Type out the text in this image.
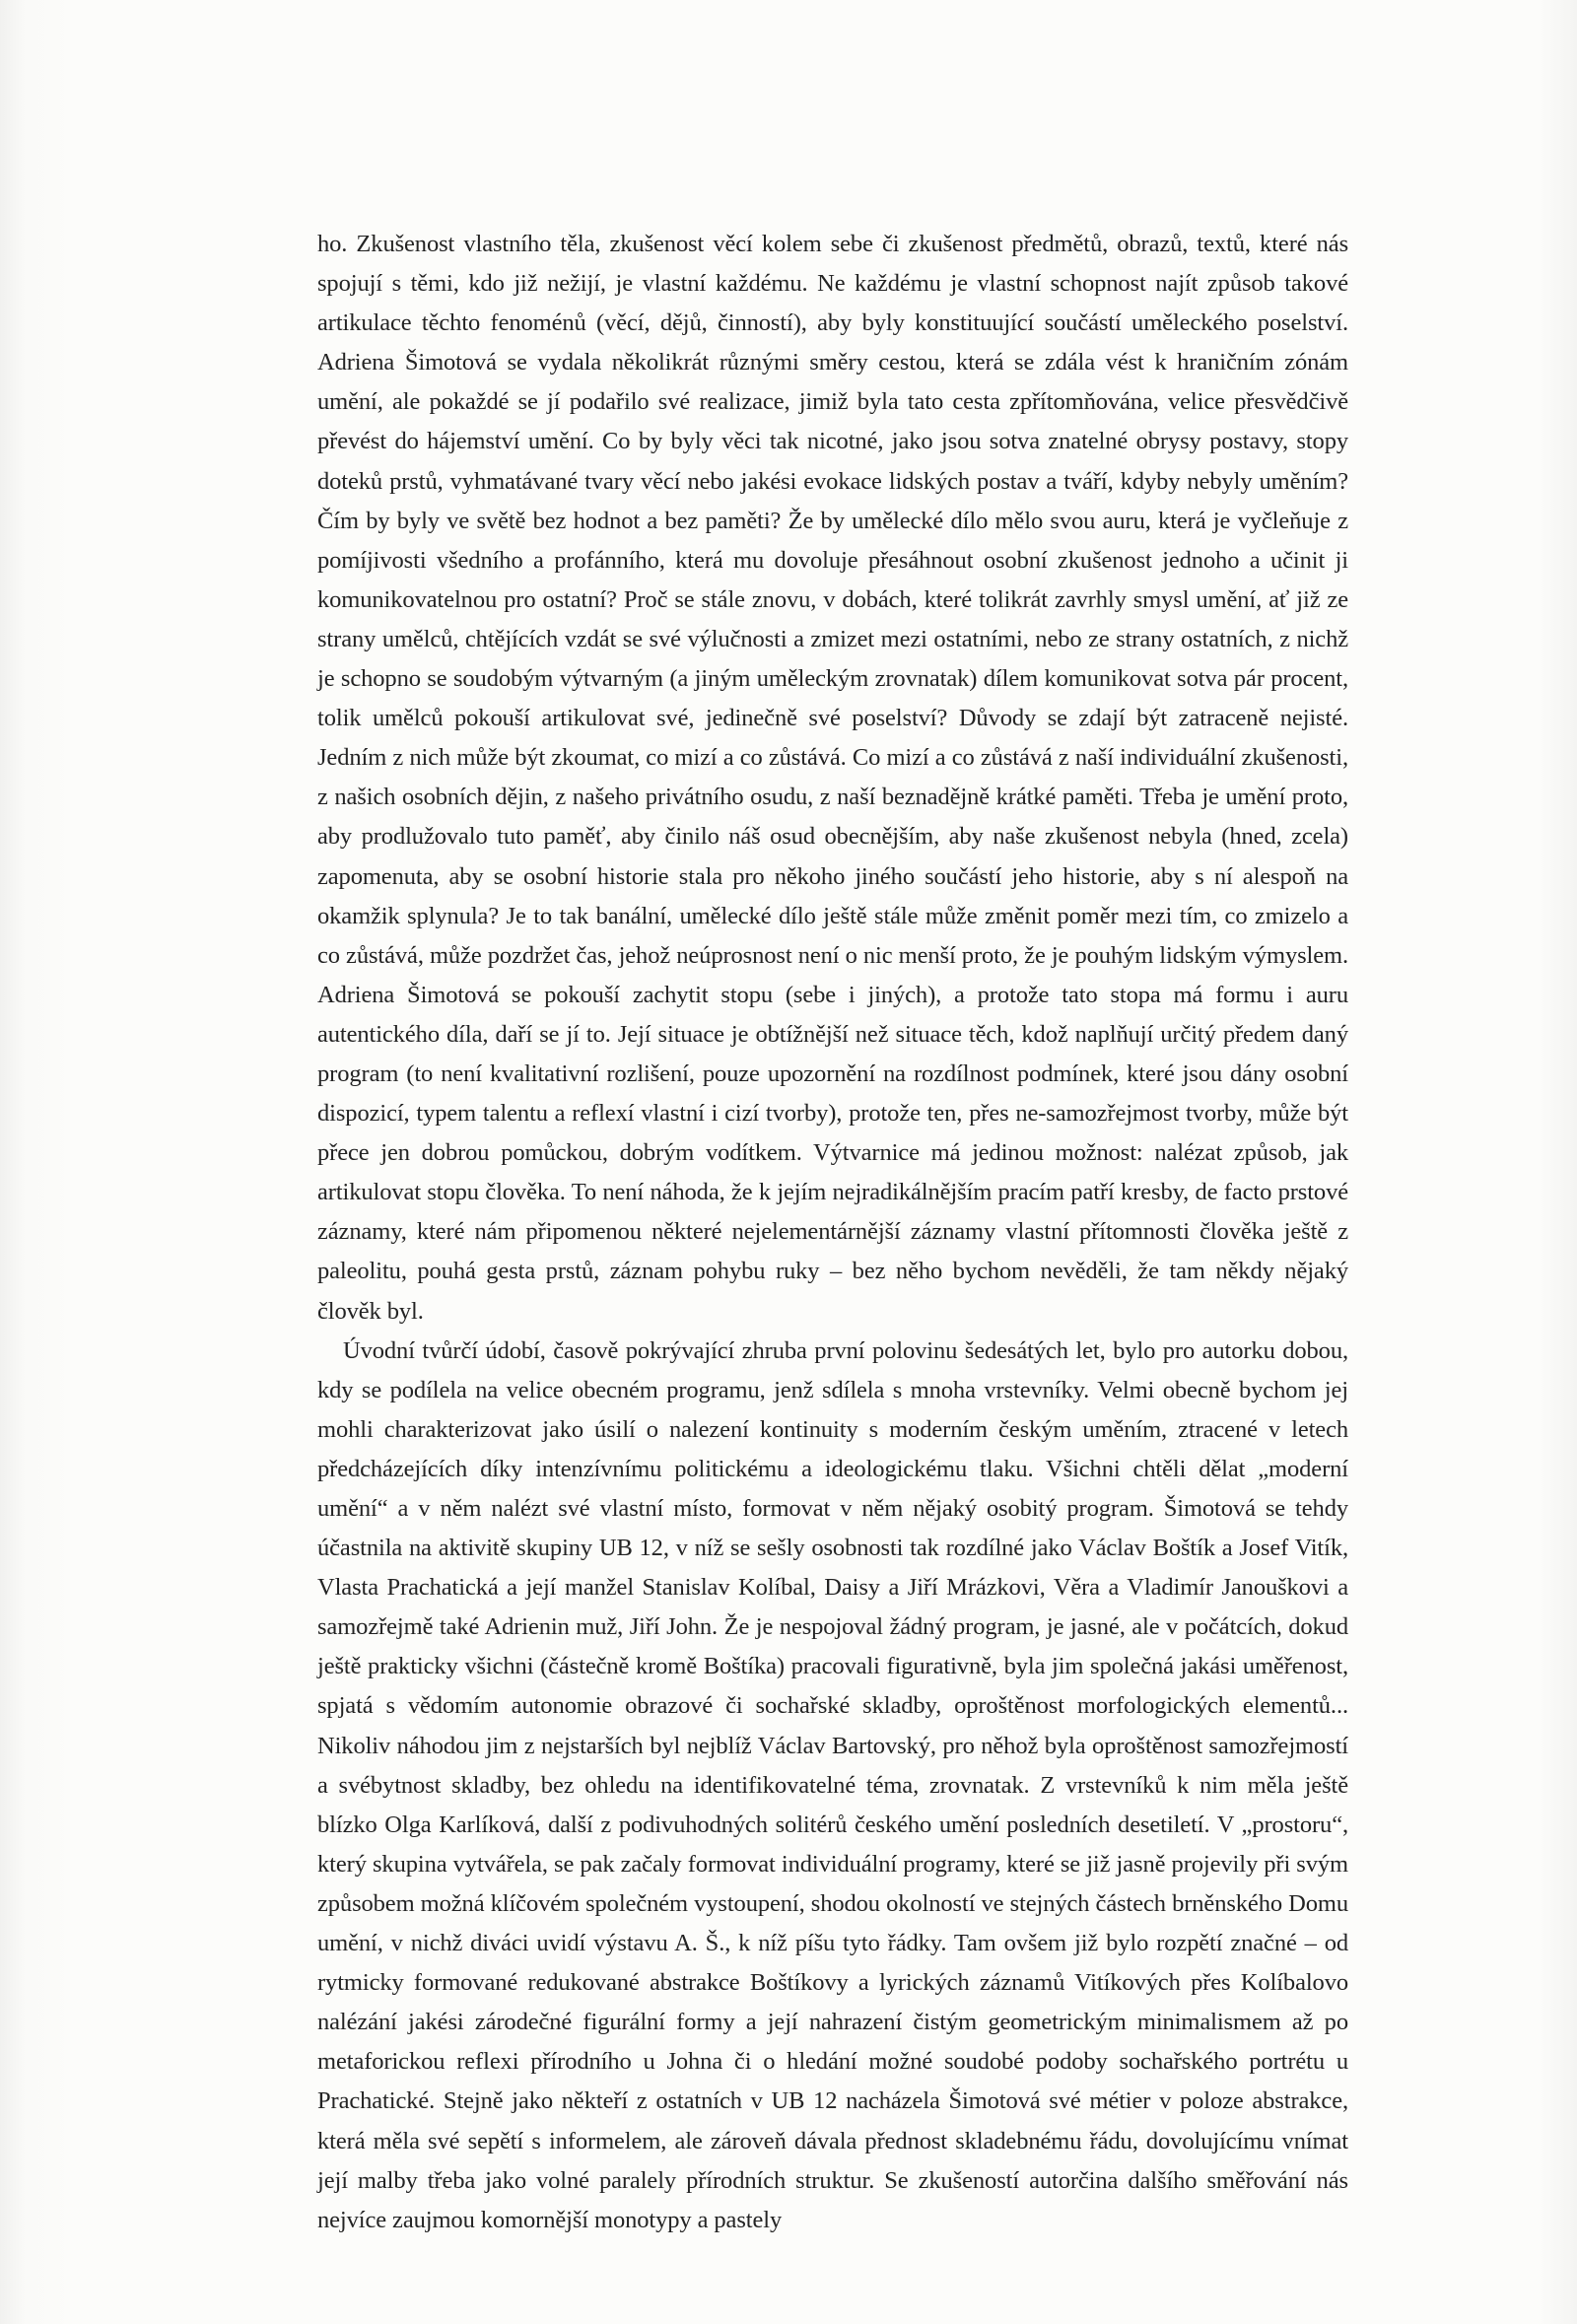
ho. Zkušenost vlastního těla, zkušenost věcí kolem sebe či zkušenost předmětů, obrazů, textů, které nás spojují s těmi, kdo již nežijí, je vlastní každému. Ne každému je vlastní schopnost najít způsob takové artikulace těchto fenoménů (věcí, dějů, činností), aby byly konstituující součástí uměleckého poselství. Adriena Šimotová se vydala několikrát různými směry cestou, která se zdála vést k hraničním zónám umění, ale pokaždé se jí podařilo své realizace, jimiž byla tato cesta zpřítomňována, velice přesvědčivě převést do hájemství umění. Co by byly věci tak nicotné, jako jsou sotva znatelné obrysy postavy, stopy doteků prstů, vyhmatávané tvary věcí nebo jakési evokace lidských postav a tváří, kdyby nebyly uměním? Čím by byly ve světě bez hodnot a bez paměti? Že by umělecké dílo mělo svou auru, která je vyčleňuje z pomíjivosti všedního a profánního, která mu dovoluje přesáhnout osobní zkušenost jednoho a učinit ji komunikovatelnou pro ostatní? Proč se stále znovu, v dobách, které tolikrát zavrhly smysl umění, ať již ze strany umělců, chtějících vzdát se své výlučnosti a zmizet mezi ostatními, nebo ze strany ostatních, z nichž je schopno se soudobým výtvarným (a jiným uměleckým zrovnatak) dílem komunikovat sotva pár procent, tolik umělců pokouší artikulovat své, jedinečně své poselství? Důvody se zdají být zatraceně nejisté. Jedním z nich může být zkoumat, co mizí a co zůstává. Co mizí a co zůstává z naší individuální zkušenosti, z našich osobních dějin, z našeho privátního osudu, z naší beznadějně krátké paměti. Třeba je umění proto, aby prodlužovalo tuto paměť, aby činilo náš osud obecnějším, aby naše zkušenost nebyla (hned, zcela) zapomenuta, aby se osobní historie stala pro někoho jiného součástí jeho historie, aby s ní alespoň na okamžik splynula? Je to tak banální, umělecké dílo ještě stále může změnit poměr mezi tím, co zmizelo a co zůstává, může pozdržet čas, jehož neúprosnost není o nic menší proto, že je pouhým lidským výmyslem. Adriena Šimotová se pokouší zachytit stopu (sebe i jiných), a protože tato stopa má formu i auru autentického díla, daří se jí to. Její situace je obtížnější než situace těch, kdož naplňují určitý předem daný program (to není kvalitativní rozlišení, pouze upozornění na rozdílnost podmínek, které jsou dány osobní dispozicí, typem talentu a reflexí vlastní i cizí tvorby), protože ten, přes ne-samozřejmost tvorby, může být přece jen dobrou pomůckou, dobrým vodítkem. Výtvarnice má jedinou možnost: nalézat způsob, jak artikulovat stopu člověka. To není náhoda, že k jejím nejradikálnějším pracím patří kresby, de facto prstové záznamy, které nám připomenou některé nejelementárnější záznamy vlastní přítomnosti člověka ještě z paleolitu, pouhá gesta prstů, záznam pohybu ruky – bez něho bychom nevěděli, že tam někdy nějaký člověk byl.

Úvodní tvůrčí údobí, časově pokrývající zhruba první polovinu šedesátých let, bylo pro autorku dobou, kdy se podílela na velice obecném programu, jenž sdílela s mnoha vrstevníky. Velmi obecně bychom jej mohli charakterizovat jako úsilí o nalezení kontinuity s moderním českým uměním, ztracené v letech předcházejících díky intenzívnímu politickému a ideologickému tlaku. Všichni chtěli dělat „moderní umění“ a v něm nalézt své vlastní místo, formovat v něm nějaký osobitý program. Šimotová se tehdy účastnila na aktivitě skupiny UB 12, v níž se sešly osobnosti tak rozdílné jako Václav Boštík a Josef Vitík, Vlasta Prachatická a její manžel Stanislav Kolíbal, Daisy a Jiří Mrázkovi, Věra a Vladimír Janouškovi a samozřejmě také Adrienin muž, Jiří John. Že je nespojoval žádný program, je jasné, ale v počátcích, dokud ještě prakticky všichni (částečně kromě Boštíka) pracovali figurativně, byla jim společná jakási uměřenost, spjatá s vědomím autonomie obrazové či sochařské skladby, oproštěnost morfologických elementů... Nikoliv náhodou jim z nejstarších byl nejblíž Václav Bartovský, pro něhož byla oproštěnost samozřejmostí a svébytnost skladby, bez ohledu na identifikovatelné téma, zrovnatak. Z vrstevníků k nim měla ještě blízko Olga Karlíková, další z podivuhodných solitérů českého umění posledních desetiletí. V „prostoru“, který skupina vytvářela, se pak začaly formovat individuální programy, které se již jasně projevily při svým způsobem možná klíčovém společném vystoupení, shodou okolností ve stejných částech brněnského Domu umění, v nichž diváci uvidí výstavu A. Š., k níž píšu tyto řádky. Tam ovšem již bylo rozpětí značné – od rytmicky formované redukované abstrakce Boštíkovy a lyrických záznamů Vitíkových přes Kolíbalovo nalézání jakési zárodečné figurální formy a její nahrazení čistým geometrickým minimalismem až po metaforickou reflexi přírodního u Johna či o hledání možné soudobé podoby sochařského portrétu u Prachatické. Stejně jako někteří z ostatních v UB 12 nacházela Šimotová své métier v poloze abstrakce, která měla své sepětí s informelem, ale zároveň dávala přednost skladebnému řádu, dovolujícímu vnímat její malby třeba jako volné paralely přírodních struktur. Se zkušeností autorčina dalšího směřování nás nejvíce zaujmou komornější monotypy a pastely
